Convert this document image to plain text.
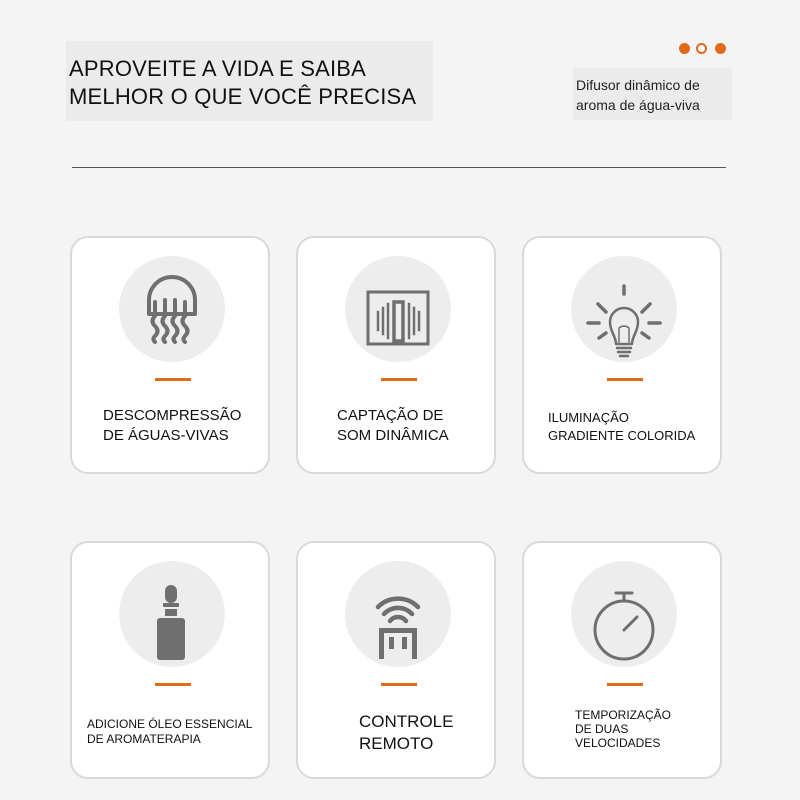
APROVEITE A VIDA E SAIBA
MELHOR O QUE VOCÊ PRECISA	Difusor dinâmico de
aroma de água-viva

DESCOMPRESSÃO
DE ÁGUAS-VIVAS

CAPTAÇÃO DE
SOM DINÂMICA

ILUMINAÇÃO
GRADIENTE COLORIDA

ADICIONE ÓLEO ESSENCIAL
DE AROMATERAPIA

CONTROLE
REMOTO

TEMPORIZAÇÃO
DE DUAS
VELOCIDADES
